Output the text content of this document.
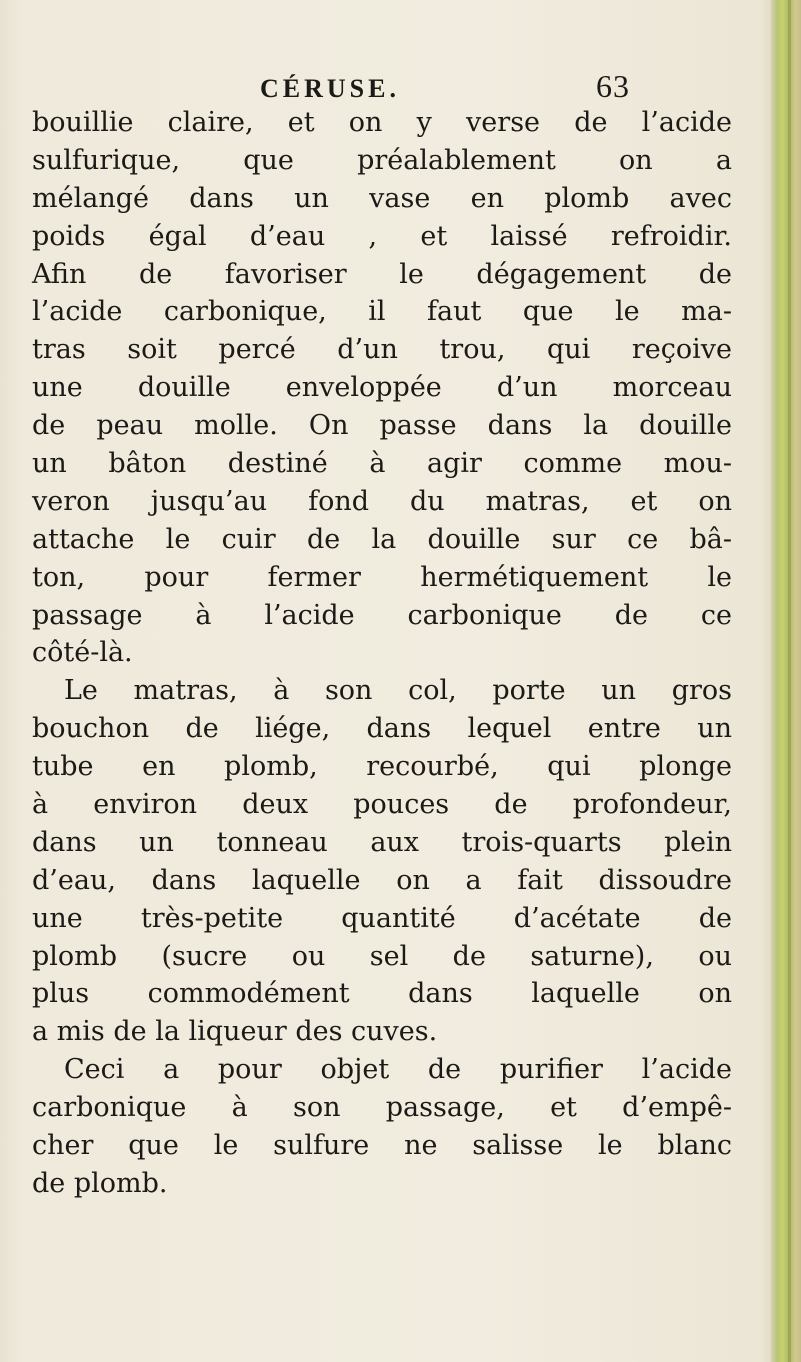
CÉRUSE.	63
bouillie claire, et on y verse de l’acide
sulfurique, que préalablement on a
mélangé dans un vase en plomb avec
poids égal d’eau , et laissé refroidir.
Afin de favoriser le dégagement de
l’acide carbonique, il faut que le ma-
tras soit percé d’un trou, qui reçoive
une douille enveloppée d’un morceau
de peau molle. On passe dans la douille
un bâton destiné à agir comme mou-
veron jusqu’au fond du matras, et on
attache le cuir de la douille sur ce bâ-
ton, pour fermer hermétiquement le
passage à l’acide carbonique de ce
côté-là.
Le matras, à son col, porte un gros
bouchon de liége, dans lequel entre un
tube en plomb, recourbé, qui plonge
à environ deux pouces de profondeur,
dans un tonneau aux trois-quarts plein
d’eau, dans laquelle on a fait dissoudre
une très-petite quantité d’acétate de
plomb (sucre ou sel de saturne), ou
plus commodément dans laquelle on
a mis de la liqueur des cuves.
Ceci a pour objet de purifier l’acide
carbonique à son passage, et d’empê-
cher que le sulfure ne salisse le blanc
de plomb.
